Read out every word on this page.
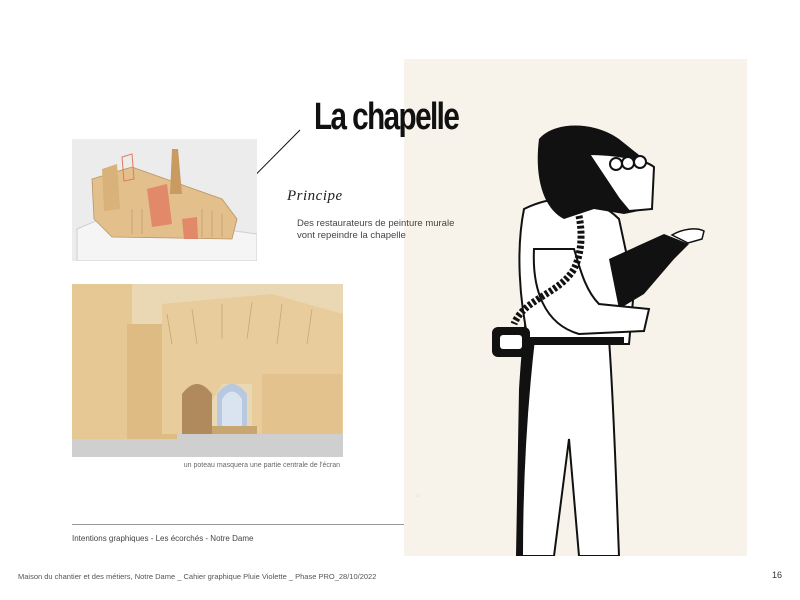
◦
La chapelle
un poteau masquera une partie centrale de l'écran
Principe
Des restaurateurs de peinture murale
vont repeindre la chapelle
Intentions graphiques - Les écorchés - Notre Dame
Maison du chantier et des métiers, Notre Dame _ Cahier graphique Pluie Violette _ Phase PRO_28/10/2022	16
